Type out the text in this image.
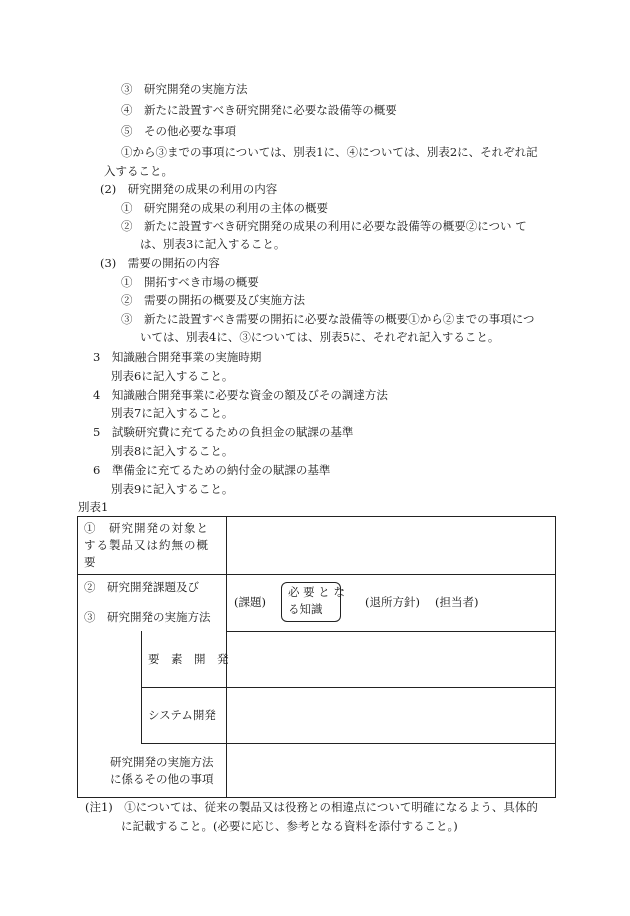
③　研究開発の実施方法
④　新たに設置すべき研究開発に必要な設備等の概要
⑤　その他必要な事項
①から③までの事項については、別表1に、④については、別表2に、それぞれ記
入すること。
(2)　研究開発の成果の利用の内容
①　研究開発の成果の利用の主体の概要
②　新たに設置すべき研究開発の成果の利用に必要な設備等の概要②につい て
は、別表3に記入すること。
(3)　需要の開拓の内容
①　開拓すべき市場の概要
②　需要の開拓の概要及び実施方法
③　新たに設置すべき需要の開拓に必要な設備等の概要①から②までの事項につ
いては、別表4に、③については、別表5に、それぞれ記入すること。
3　知識融合開発事業の実施時期
別表6に記入すること。
4　知識融合開発事業に必要な資金の額及びその調達方法
別表7に記入すること。
5　試験研究費に充てるための負担金の賦課の基準
別表8に記入すること。
6　準備金に充てるための納付金の賦課の基準
別表9に記入すること。
別表1
①　研究開発の対象と
する製品又は約無の概
要
②　研究開発課題及び
③　研究開発の実施方法
(課題)
必 要 と な
る知識	(退所方針) (担当者)
要　素　開　発
システム開発
研究開発の実施方法
に係るその他の事項
(注1)　①については、従来の製品又は役務との相違点について明確になるよう、具体的
に記載すること。(必要に応じ、参考となる資料を添付すること。)
